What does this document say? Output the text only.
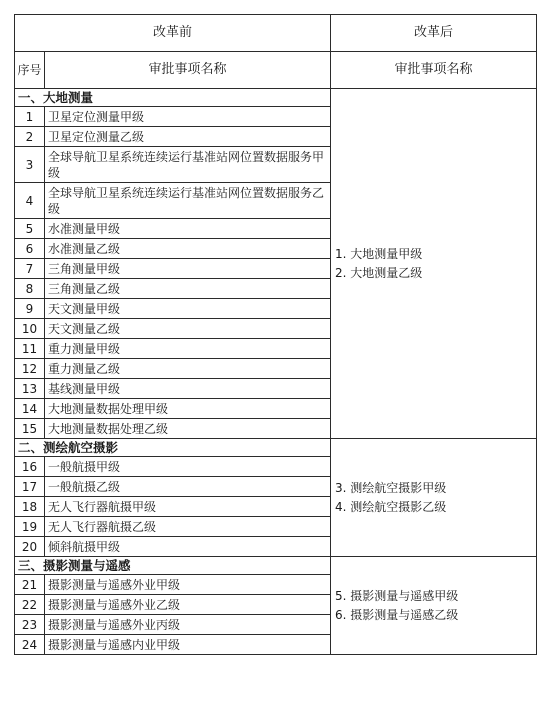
改革前		改革后
序号	审批事项名称	审批事项名称
一、大地测量		1. 大地测量甲级
2. 大地测量乙级

1	卫星定位测量甲级	
2	卫星定位测量乙级	
3	全球导航卫星系统连续运行基准站网位置数据服务甲级	
4	全球导航卫星系统连续运行基准站网位置数据服务乙级	
5	水准测量甲级	
6	水准测量乙级	
7	三角测量甲级	
8	三角测量乙级	
9	天文测量甲级	
10	天文测量乙级	
11	重力测量甲级	
12	重力测量乙级	
13	基线测量甲级	
14	大地测量数据处理甲级	
15	大地测量数据处理乙级	
二、测绘航空摄影		3. 测绘航空摄影甲级
4. 测绘航空摄影乙级

16	一般航摄甲级	
17	一般航摄乙级	
18	无人飞行器航摄甲级	
19	无人飞行器航摄乙级	
20	倾斜航摄甲级	
三、摄影测量与遥感		5. 摄影测量与遥感甲级
6. 摄影测量与遥感乙级

21	摄影测量与遥感外业甲级	
22	摄影测量与遥感外业乙级	
23	摄影测量与遥感外业丙级	
24	摄影测量与遥感内业甲级	
